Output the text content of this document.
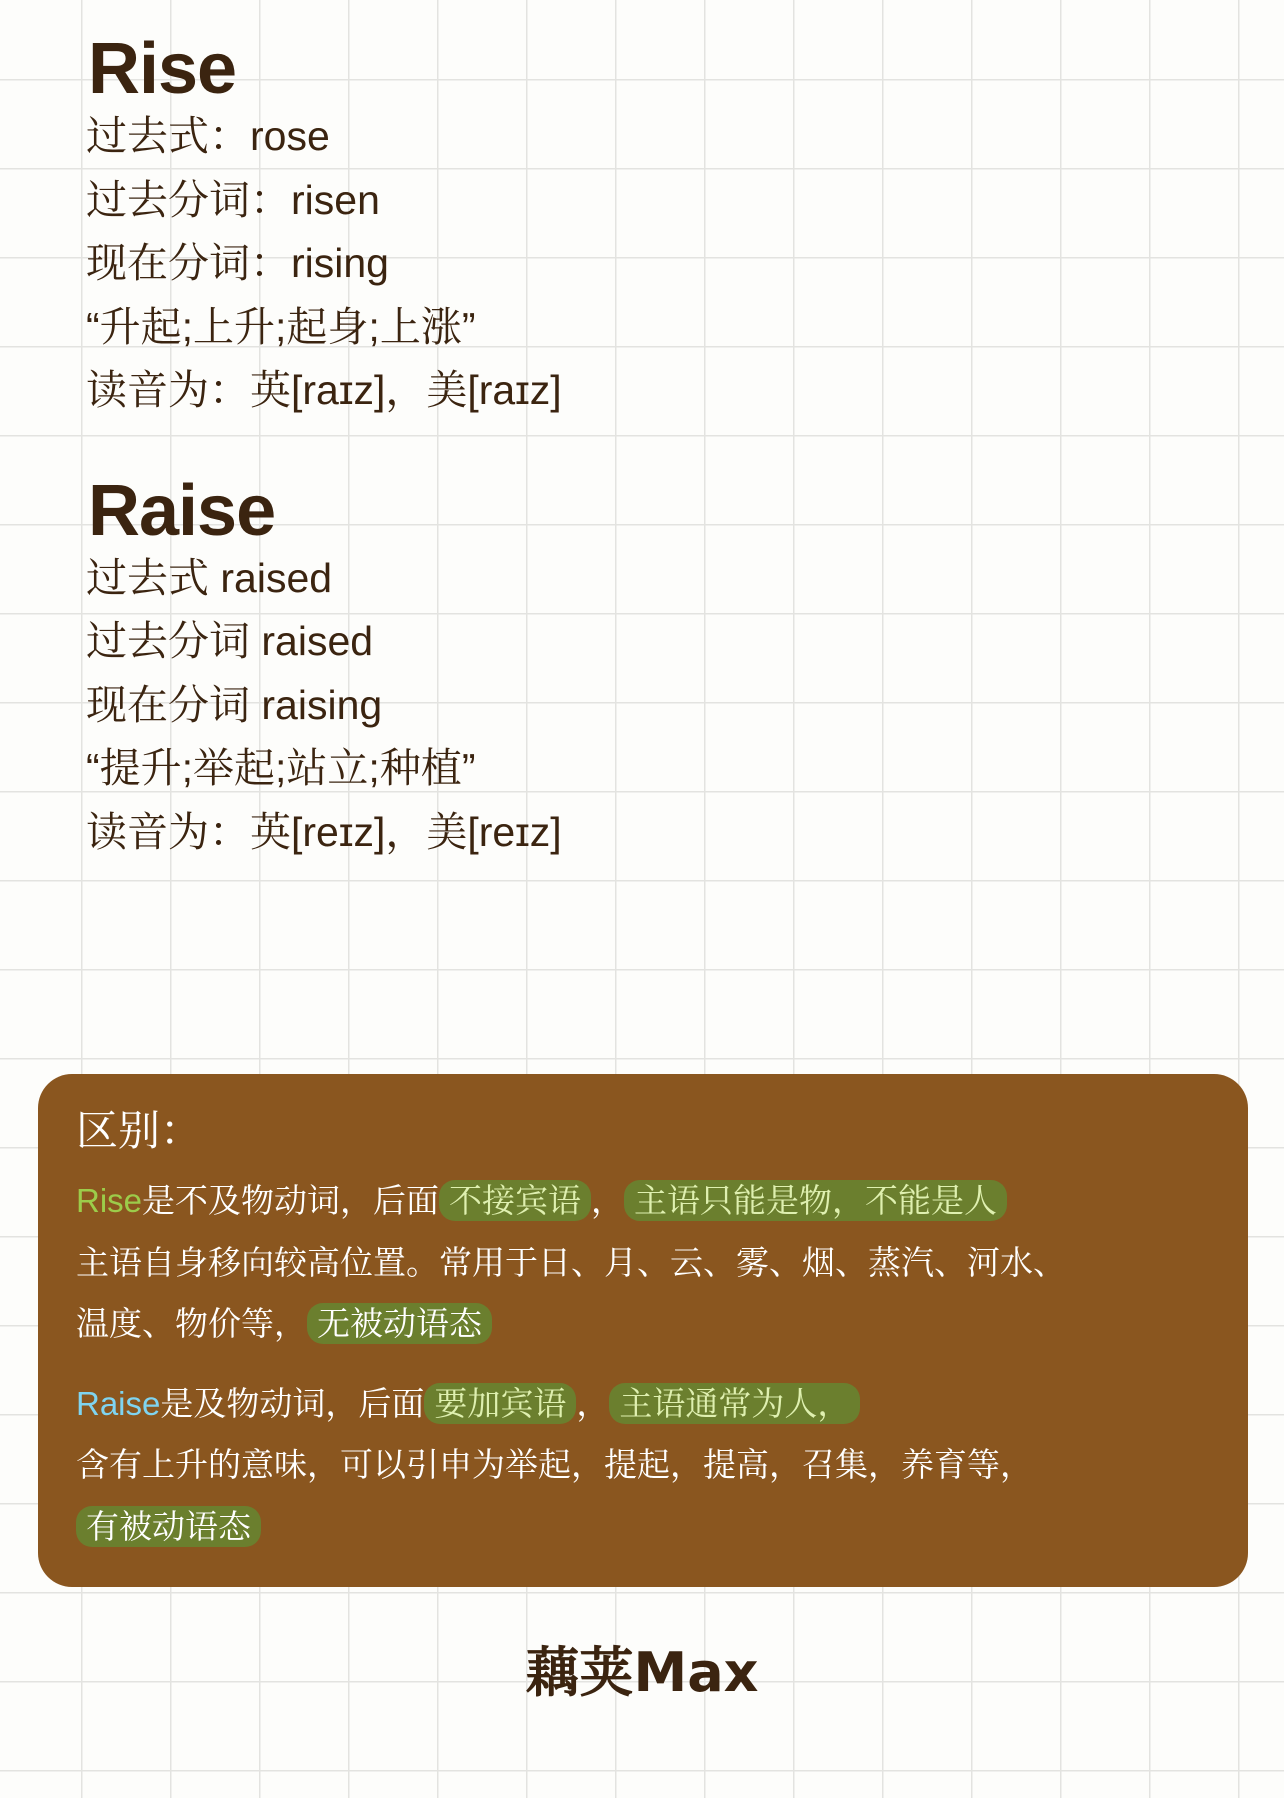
Rise
过去式：rose
过去分词：risen
现在分词：rising
“升起;上升;起身;上涨”
读音为：英[raɪz]，美[raɪz]
Raise
过去式 raised
过去分词 raised
现在分词 raising
“提升;举起;站立;种植”
读音为：英[reɪz]，美[reɪz]
区别：
Rise是不及物动词，后面 不接宾语 ， 主语只能是物，不能是人
主语自身移向较高位置。常用于日、月、云、雾、烟、蒸汽、河水、
温度、物价等， 无被动语态
Raise是及物动词，后面 要加宾语 ， 主语通常为人，
含有上升的意味，可以引申为举起，提起，提高，召集，养育等，
有被动语态
藕荚Max
